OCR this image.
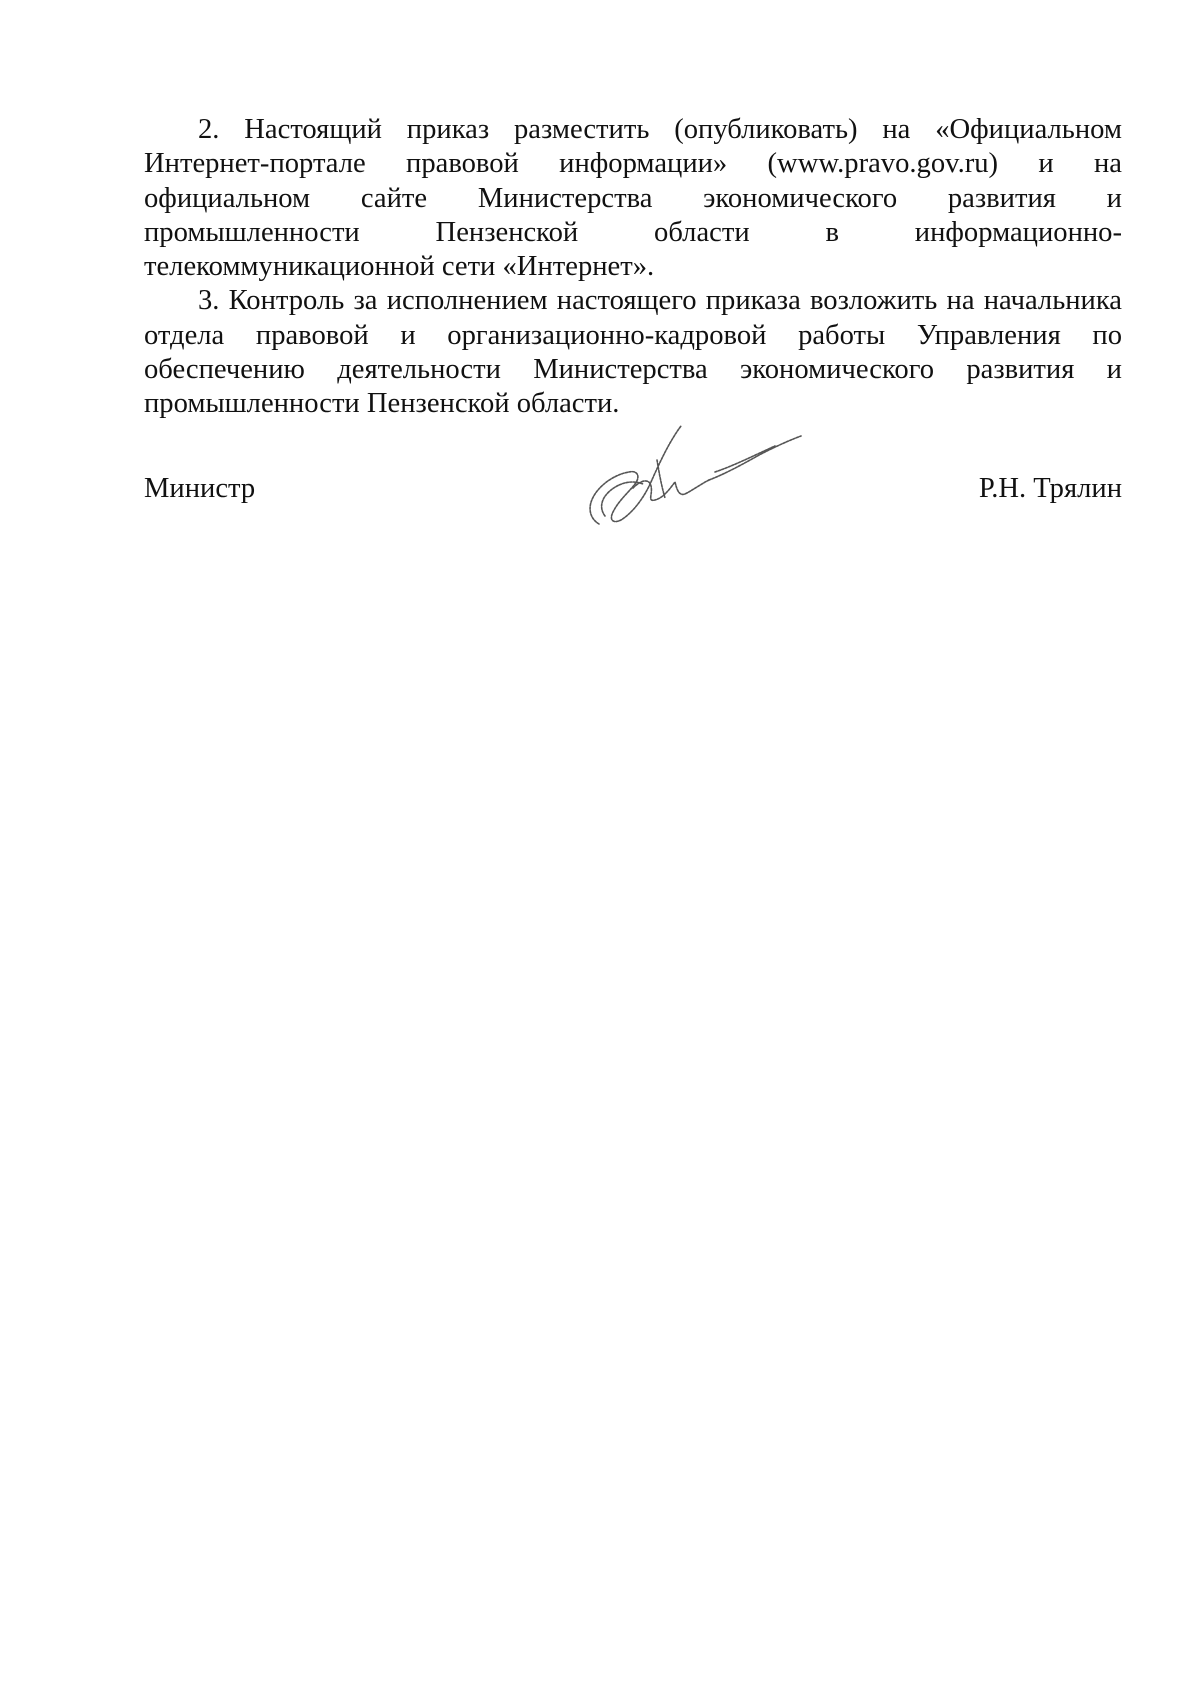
2. Настоящий приказ разместить (опубликовать) на «Официальном Интернет-портале правовой информации» (www.pravo.gov.ru) и на официальном сайте Министерства экономического развития и промышленности Пензенской области в информационно-телекоммуникационной сети «Интернет».

3. Контроль за исполнением настоящего приказа возложить на начальника отдела правовой и организационно-кадровой работы Управления по обеспечению деятельности Министерства экономического развития и промышленности Пензенской области.

Министр	Р.Н. Трялин
